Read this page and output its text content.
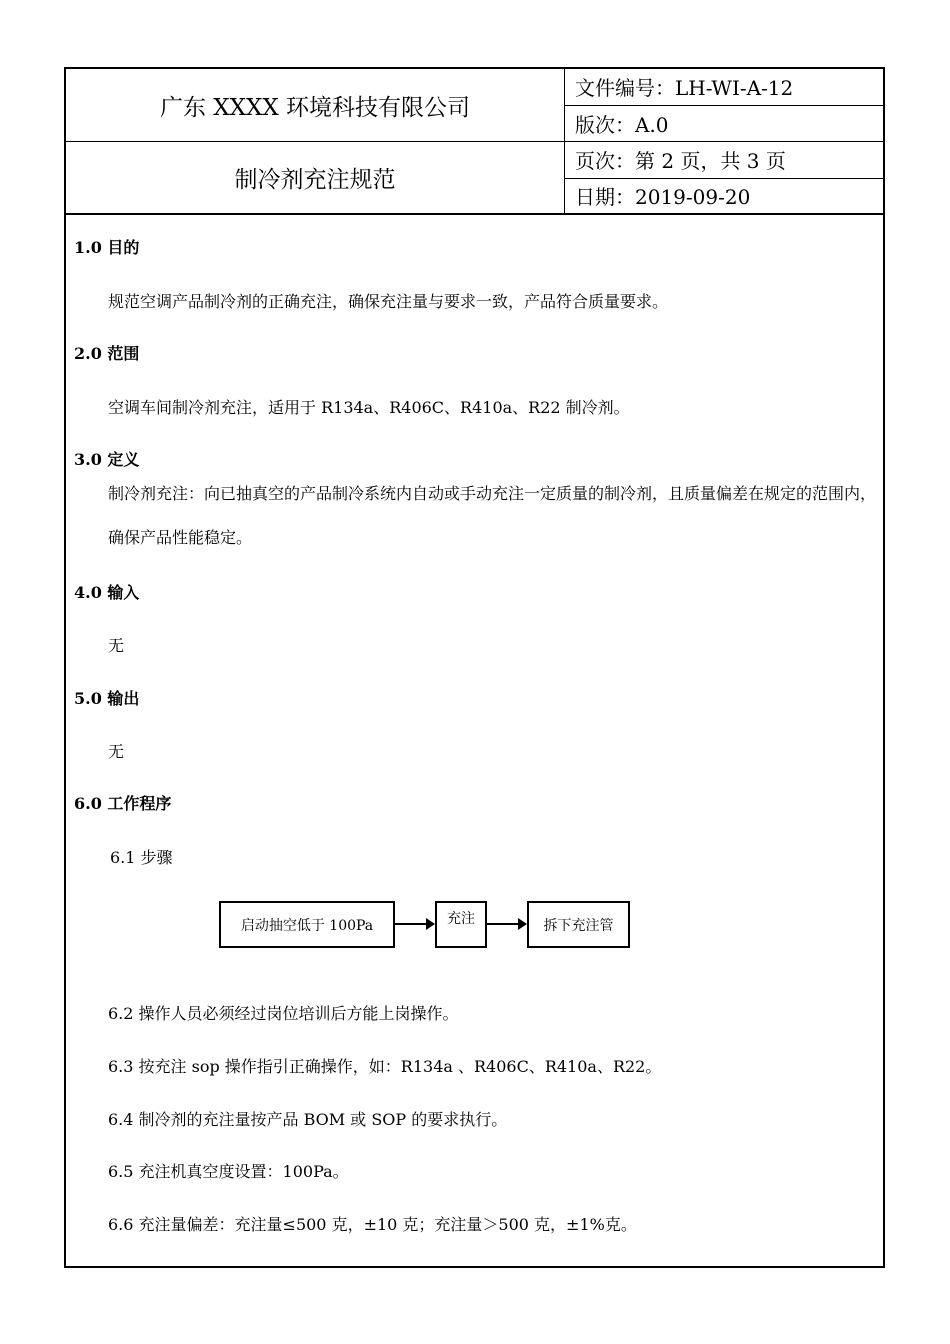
广东 XXXX 环境科技有限公司
制冷剂充注规范
文件编号：LH-WI-A-12
版次：A.0
页次：第 2 页，共 3 页
日期：2019-09-20
1.0 目的
规范空调产品制冷剂的正确充注，确保充注量与要求一致，产品符合质量要求。
2.0 范围
空调车间制冷剂充注，适用于 R134a、R406C、R410a、R22 制冷剂。
3.0 定义
制冷剂充注：向已抽真空的产品制冷系统内自动或手动充注一定质量的制冷剂，且质量偏差在规定的范围内，确保产品性能稳定。
4.0 输入
无
5.0 输出
无
6.0 工作程序
6.1 步骤
启动抽空低于 100Pa	充注	拆下充注管
6.2 操作人员必须经过岗位培训后方能上岗操作。
6.3 按充注 sop 操作指引正确操作，如：R134a 、R406C、R410a、R22。
6.4 制冷剂的充注量按产品 BOM 或 SOP 的要求执行。
6.5 充注机真空度设置：100Pa。
6.6 充注量偏差：充注量≤500 克，±10 克；充注量＞500 克，±1%克。
